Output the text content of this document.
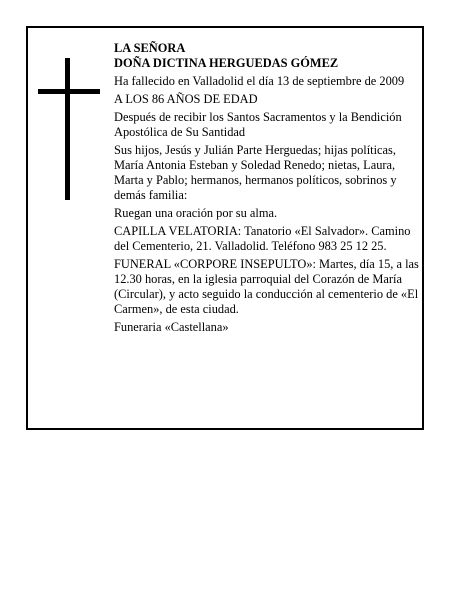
LA SEÑORA

DOÑA DICTINA HERGUEDAS GÓMEZ

Ha fallecido en Valladolid el día 13 de septiembre de 2009

A LOS 86 AÑOS DE EDAD

Después de recibir los Santos Sacramentos y la Bendición Apostólica de Su Santidad

Sus hijos, Jesús y Julián Parte Herguedas; hijas políticas, María Antonia Esteban y Soledad Renedo; nietas, Laura, Marta y Pablo; hermanos, hermanos políticos, sobrinos y demás familia:

Ruegan una oración por su alma.

CAPILLA VELATORIA: Tanatorio «El Salvador». Camino del Cementerio, 21. Valladolid. Teléfono 983 25 12 25.

FUNERAL «CORPORE INSEPULTO»: Martes, día 15, a las 12.30 horas, en la iglesia parroquial del Corazón de María (Circular), y acto seguido la conducción al cementerio de «El Carmen», de esta ciudad.

Funeraria «Castellana»
